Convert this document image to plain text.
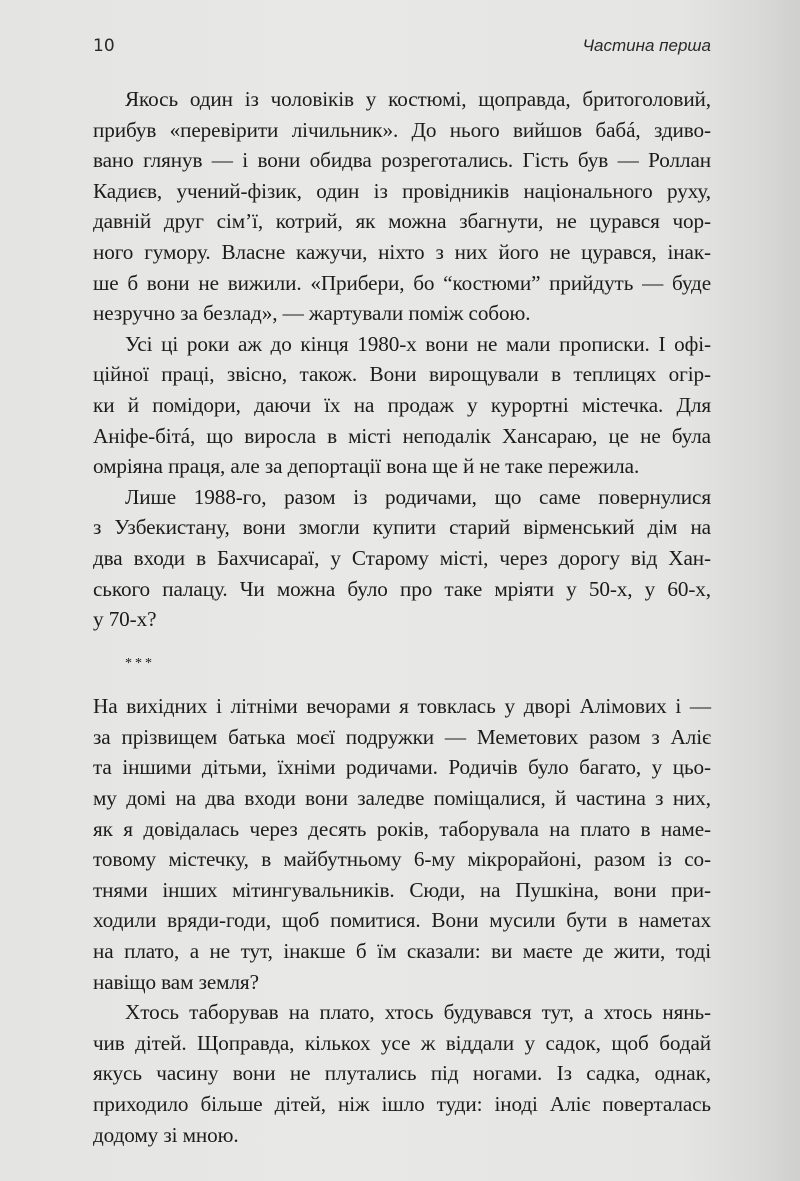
10	Частина перша
Якось один із чоловіків у костюмі, щоправда, бритоголовий,
прибув «перевірити лічильник». До нього вийшов бабá, здиво-
вано глянув — і вони обидва розреготались. Гість був — Роллан
Кадиєв, учений-фізик, один із провідників національного руху,
давній друг сім’ї, котрий, як можна збагнути, не цурався чор-
ного гумору. Власне кажучи, ніхто з них його не цурався, інак-
ше б вони не вижили. «Прибери, бо “костюми” прийдуть — буде
незручно за безлад», — жартували поміж собою.
Усі ці роки аж до кінця 1980-х вони не мали прописки. І офі-
ційної праці, звісно, також. Вони вирощували в теплицях огір-
ки й помідори, даючи їх на продаж у курортні містечка. Для
Аніфе-бітá, що виросла в місті неподалік Хансараю, це не була
омріяна праця, але за депортації вона ще й не таке пережила.
Лише 1988-го, разом із родичами, що саме повернулися
з Узбекистану, вони змогли купити старий вірменський дім на
два входи в Бахчисараї, у Старому місті, через дорогу від Хан-
ського палацу. Чи можна було про таке мріяти у 50-х, у 60-х,
у 70-х?
***
На вихідних і літніми вечорами я товклась у дворі Алімових і —
за прізвищем батька моєї подружки — Меметових разом з Аліє
та іншими дітьми, їхніми родичами. Родичів було багато, у цьо-
му домі на два входи вони заледве поміщалися, й частина з них,
як я довідалась через десять років, таборувала на плато в наме-
товому містечку, в майбутньому 6-му мікрорайоні, разом із со-
тнями інших мітингувальників. Сюди, на Пушкіна, вони при-
ходили вряди-годи, щоб помитися. Вони мусили бути в наметах
на плато, а не тут, інакше б їм сказали: ви маєте де жити, тоді
навіщо вам земля?
Хтось таборував на плато, хтось будувався тут, а хтось нянь-
чив дітей. Щоправда, кількох усе ж віддали у садок, щоб бодай
якусь часину вони не плутались під ногами. Із садка, однак,
приходило більше дітей, ніж ішло туди: іноді Аліє поверталась
додому зі мною.
